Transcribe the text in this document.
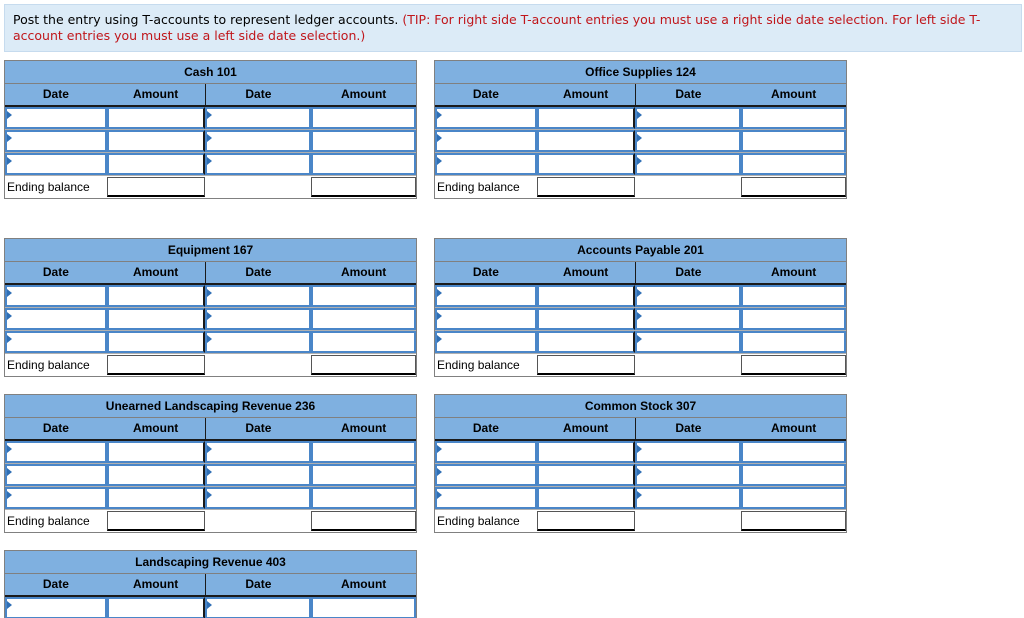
Post the entry using T-accounts to represent ledger accounts. (TIP: For right side T-account entries you must use a right side date selection. For left side T-account entries you must use a left side date selection.)
Cash 101
Date	Amount	Date	Amount
Ending balance
Office Supplies 124
Date	Amount	Date	Amount
Ending balance
Equipment 167
Date	Amount	Date	Amount
Ending balance
Accounts Payable 201
Date	Amount	Date	Amount
Ending balance
Unearned Landscaping Revenue 236
Date	Amount	Date	Amount
Ending balance
Common Stock 307
Date	Amount	Date	Amount
Ending balance
Landscaping Revenue 403
Date	Amount	Date	Amount
